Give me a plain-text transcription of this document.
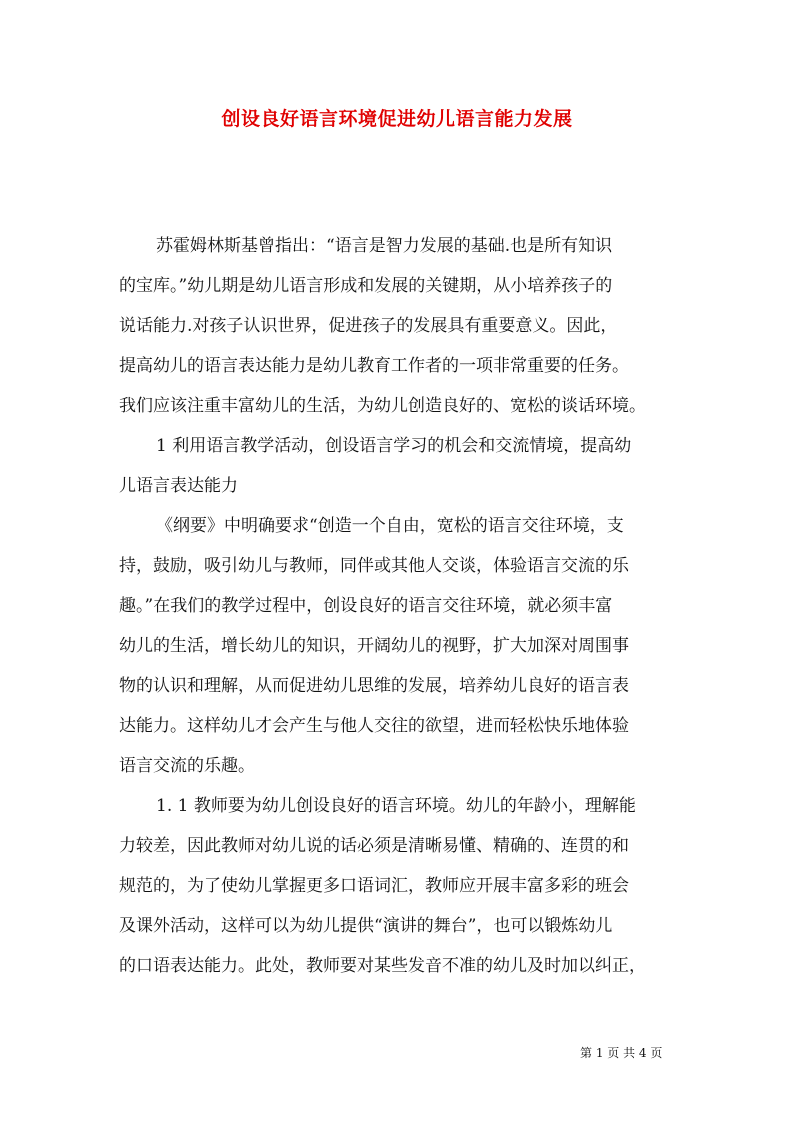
创设良好语言环境促进幼儿语言能力发展

苏霍姆林斯基曾指出：“语言是智力发展的基础.也是所有知识

的宝库。”幼儿期是幼儿语言形成和发展的关键期，从小培养孩子的

说话能力.对孩子认识世界，促进孩子的发展具有重要意义。因此，

提高幼儿的语言表达能力是幼儿教育工作者的一项非常重要的任务。

我们应该注重丰富幼儿的生活，为幼儿创造良好的、宽松的谈话环境。

1 利用语言教学活动，创设语言学习的机会和交流情境，提高幼

儿语言表达能力

《纲要》中明确要求“创造一个自由，宽松的语言交往环境，支

持，鼓励，吸引幼儿与教师，同伴或其他人交谈，体验语言交流的乐

趣。”在我们的教学过程中，创设良好的语言交往环境，就必须丰富

幼儿的生活，增长幼儿的知识，开阔幼儿的视野，扩大加深对周围事

物的认识和理解，从而促进幼儿思维的发展，培养幼儿良好的语言表

达能力。这样幼儿才会产生与他人交往的欲望，进而轻松快乐地体验

语言交流的乐趣。

1. 1 教师要为幼儿创设良好的语言环境。幼儿的年龄小，理解能

力较差，因此教师对幼儿说的话必须是清晰易懂、精确的、连贯的和

规范的，为了使幼儿掌握更多口语词汇，教师应开展丰富多彩的班会

及课外活动，这样可以为幼儿提供“演讲的舞台”，也可以锻炼幼儿

的口语表达能力。此处，教师要对某些发音不准的幼儿及时加以纠正，

第 1 页 共 4 页
